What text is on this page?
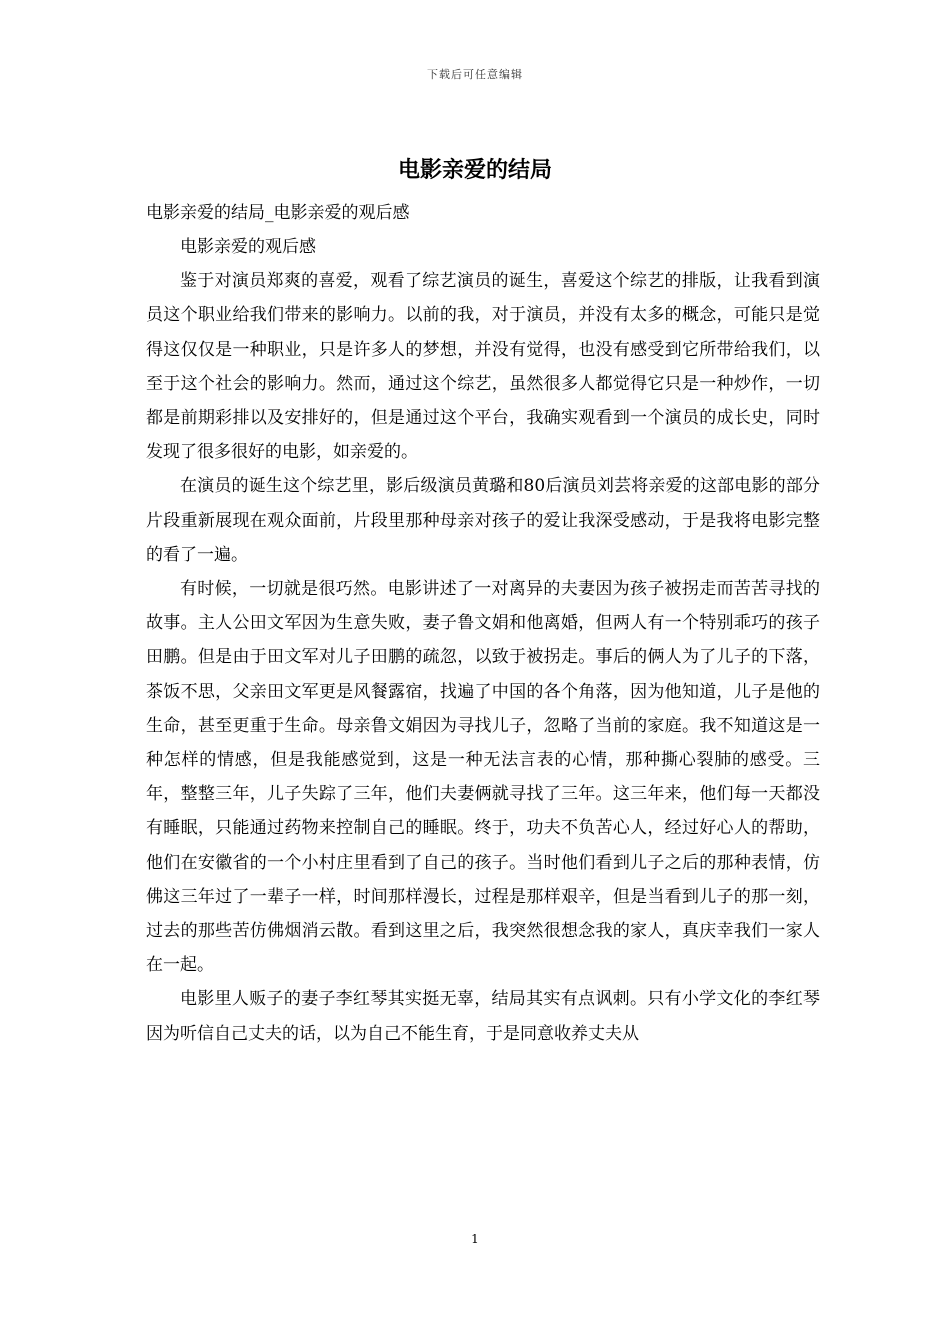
下载后可任意编辑
电影亲爱的结局

电影亲爱的结局_电影亲爱的观后感

电影亲爱的观后感

鉴于对演员郑爽的喜爱，观看了综艺演员的诞生，喜爱这个综艺的排版，让我看到演员这个职业给我们带来的影响力。以前的我，对于演员，并没有太多的概念，可能只是觉得这仅仅是一种职业，只是许多人的梦想，并没有觉得，也没有感受到它所带给我们，以至于这个社会的影响力。然而，通过这个综艺，虽然很多人都觉得它只是一种炒作，一切都是前期彩排以及安排好的，但是通过这个平台，我确实观看到一个演员的成长史，同时发现了很多很好的电影，如亲爱的。

在演员的诞生这个综艺里，影后级演员黄璐和80后演员刘芸将亲爱的这部电影的部分片段重新展现在观众面前，片段里那种母亲对孩子的爱让我深受感动，于是我将电影完整的看了一遍。

有时候，一切就是很巧然。电影讲述了一对离异的夫妻因为孩子被拐走而苦苦寻找的故事。主人公田文军因为生意失败，妻子鲁文娟和他离婚，但两人有一个特别乖巧的孩子田鹏。但是由于田文军对儿子田鹏的疏忽，以致于被拐走。事后的俩人为了儿子的下落，茶饭不思，父亲田文军更是风餐露宿，找遍了中国的各个角落，因为他知道，儿子是他的生命，甚至更重于生命。母亲鲁文娟因为寻找儿子，忽略了当前的家庭。我不知道这是一种怎样的情感，但是我能感觉到，这是一种无法言表的心情，那种撕心裂肺的感受。三年，整整三年，儿子失踪了三年，他们夫妻俩就寻找了三年。这三年来，他们每一天都没有睡眠，只能通过药物来控制自己的睡眠。终于，功夫不负苦心人，经过好心人的帮助，他们在安徽省的一个小村庄里看到了自己的孩子。当时他们看到儿子之后的那种表情，仿佛这三年过了一辈子一样，时间那样漫长，过程是那样艰辛，但是当看到儿子的那一刻，过去的那些苦仿佛烟消云散。看到这里之后，我突然很想念我的家人，真庆幸我们一家人在一起。

电影里人贩子的妻子李红琴其实挺无辜，结局其实有点讽刺。只有小学文化的李红琴因为听信自己丈夫的话，以为自己不能生育，于是同意收养丈夫从

1
